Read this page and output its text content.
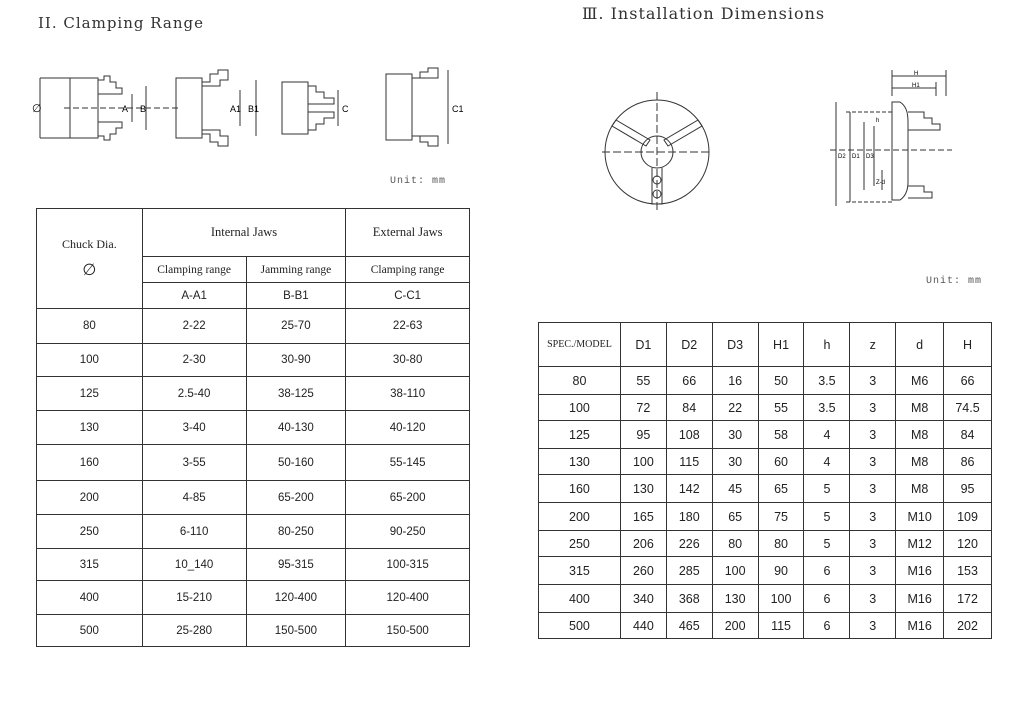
II. Clamping Range
∅	A B	A1 B1	C	C1
Unit: mm
Chuck Dia.
∅	Internal Jaws		External Jaws
	Clamping range	Jamming range	Clamping range
	A-A1	B-B1	C-C1
80	2-22	25-70	22-63
100	2-30	30-90	30-80
125	2.5-40	38-125	38-110
130	3-40	40-130	40-120
160	3-55	50-160	55-145
200	4-85	65-200	65-200
250	6-110	80-250	90-250
315	10_140	95-315	100-315
400	15-210	120-400	120-400
500	25-280	150-500	150-500
Ⅲ. Installation Dimensions
H
H1
h
D2 D1 D3
Z-d
Unit: mm
SPEC./MODEL	D1	D2	D3	H1	h	z	d	H
80	55	66	16	50	3.5	3	M6	66
100	72	84	22	55	3.5	3	M8	74.5
125	95	108	30	58	4	3	M8	84
130	100	115	30	60	4	3	M8	86
160	130	142	45	65	5	3	M8	95
200	165	180	65	75	5	3	M10	109
250	206	226	80	80	5	3	M12	120
315	260	285	100	90	6	3	M16	153
400	340	368	130	100	6	3	M16	172
500	440	465	200	115	6	3	M16	202
